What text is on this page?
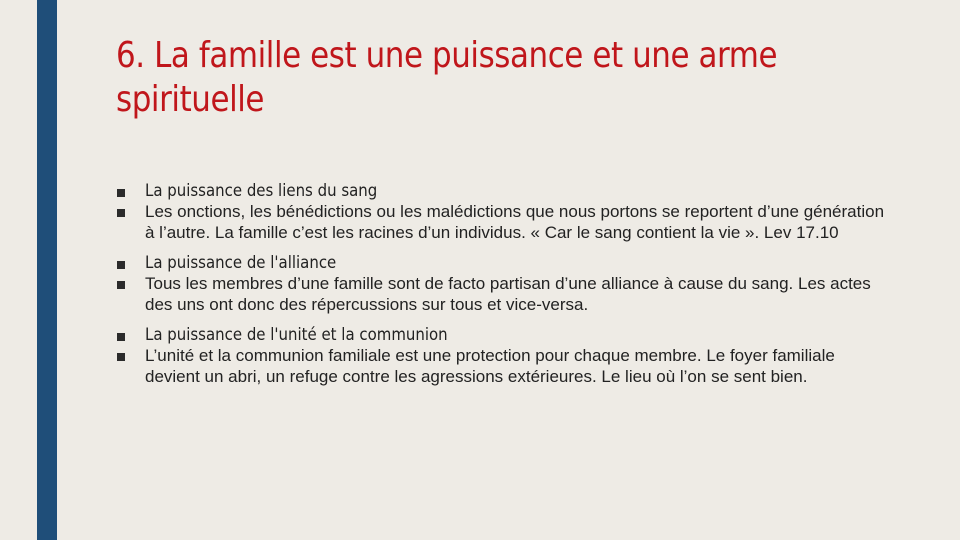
6. La famille est une puissance et une arme spirituelle
La puissance des liens du sang
Les onctions, les bénédictions ou les malédictions que nous portons se reportent d’une génération à l’autre. La famille c’est les racines d’un individus. « Car le sang contient la vie ». Lev 17.10
La puissance de l'alliance
Tous les membres d’une famille sont de facto partisan d’une alliance à cause du sang. Les actes des uns ont donc des répercussions sur tous et vice-versa.
La puissance de l'unité et la communion
L’unité et la communion familiale est une protection pour chaque membre. Le foyer familiale devient un abri, un refuge contre les agressions extérieures. Le lieu où l’on se sent bien.
